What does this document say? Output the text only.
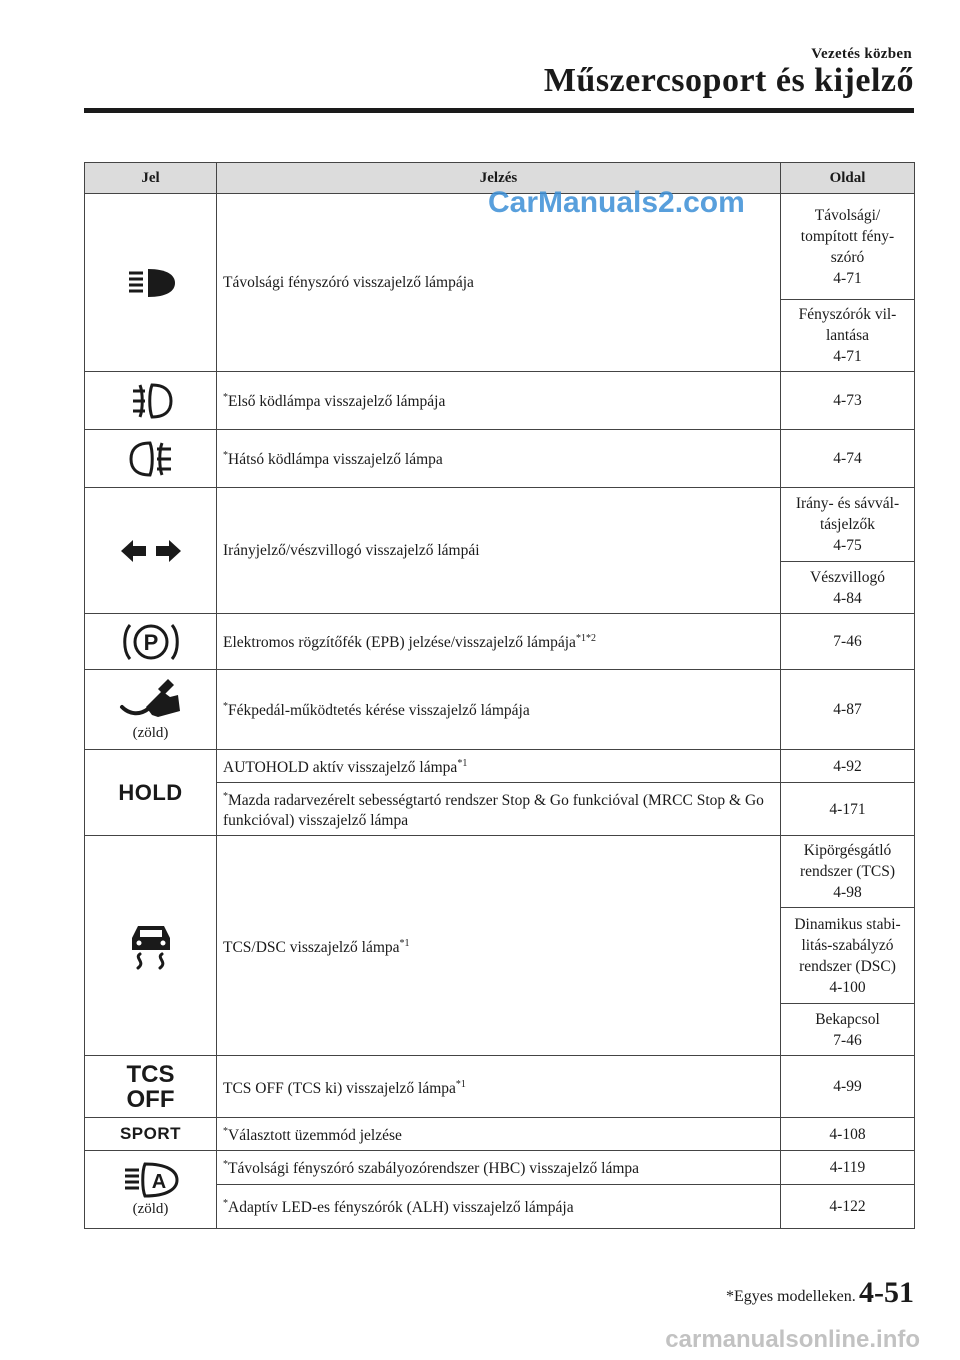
Vezetés közben
Műszercsoport és kijelző
Jel	Jelzés	Oldal
	Távolsági fényszóró visszajelző lámpája	Távolsági/
tompított fény-
szóró
4-71
		Fényszórók vil-
lantása
4-71
	*Első ködlámpa visszajelző lámpája	4-73
	*Hátsó ködlámpa visszajelző lámpa	4-74
	Irányjelző/vészvillogó visszajelző lámpái	Irány- és sávvál-
tásjelzők
4-75
		Vészvillogó
4-84

P	Elektromos rögzítőfék (EPB) jelzése/visszajelző lámpája$^{*1*2}$	7-46

(zöld)	*Fékpedál-működtetés kérése visszajelző lámpája	4-87
HOLD	AUTOHOLD aktív visszajelző lámpa$^{*1}$	4-92
	*Mazda radarvezérelt sebességtartó rendszer Stop & Go funkcióval (MRCC Stop & Go funkcióval) visszajelző lámpa	4-171
	TCS/DSC visszajelző lámpa$^{*1}$	Kipörgésgátló
rendszer (TCS)
4-98
		Dinamikus stabi-
litás-szabályzó
rendszer (DSC)
4-100
		Bekapcsol
7-46
TCS
OFF	TCS OFF (TCS ki) visszajelző lámpa$^{*1}$	4-99
SPORT	*Választott üzemmód jelzése	4-108

A
(zöld)	*Távolsági fényszóró szabályozórendszer (HBC) visszajelző lámpa	4-119
	*Adaptív LED-es fényszórók (ALH) visszajelző lámpája	4-122
CarManuals2.com
*Egyes modelleken. 4-51
carmanualsonline.info
